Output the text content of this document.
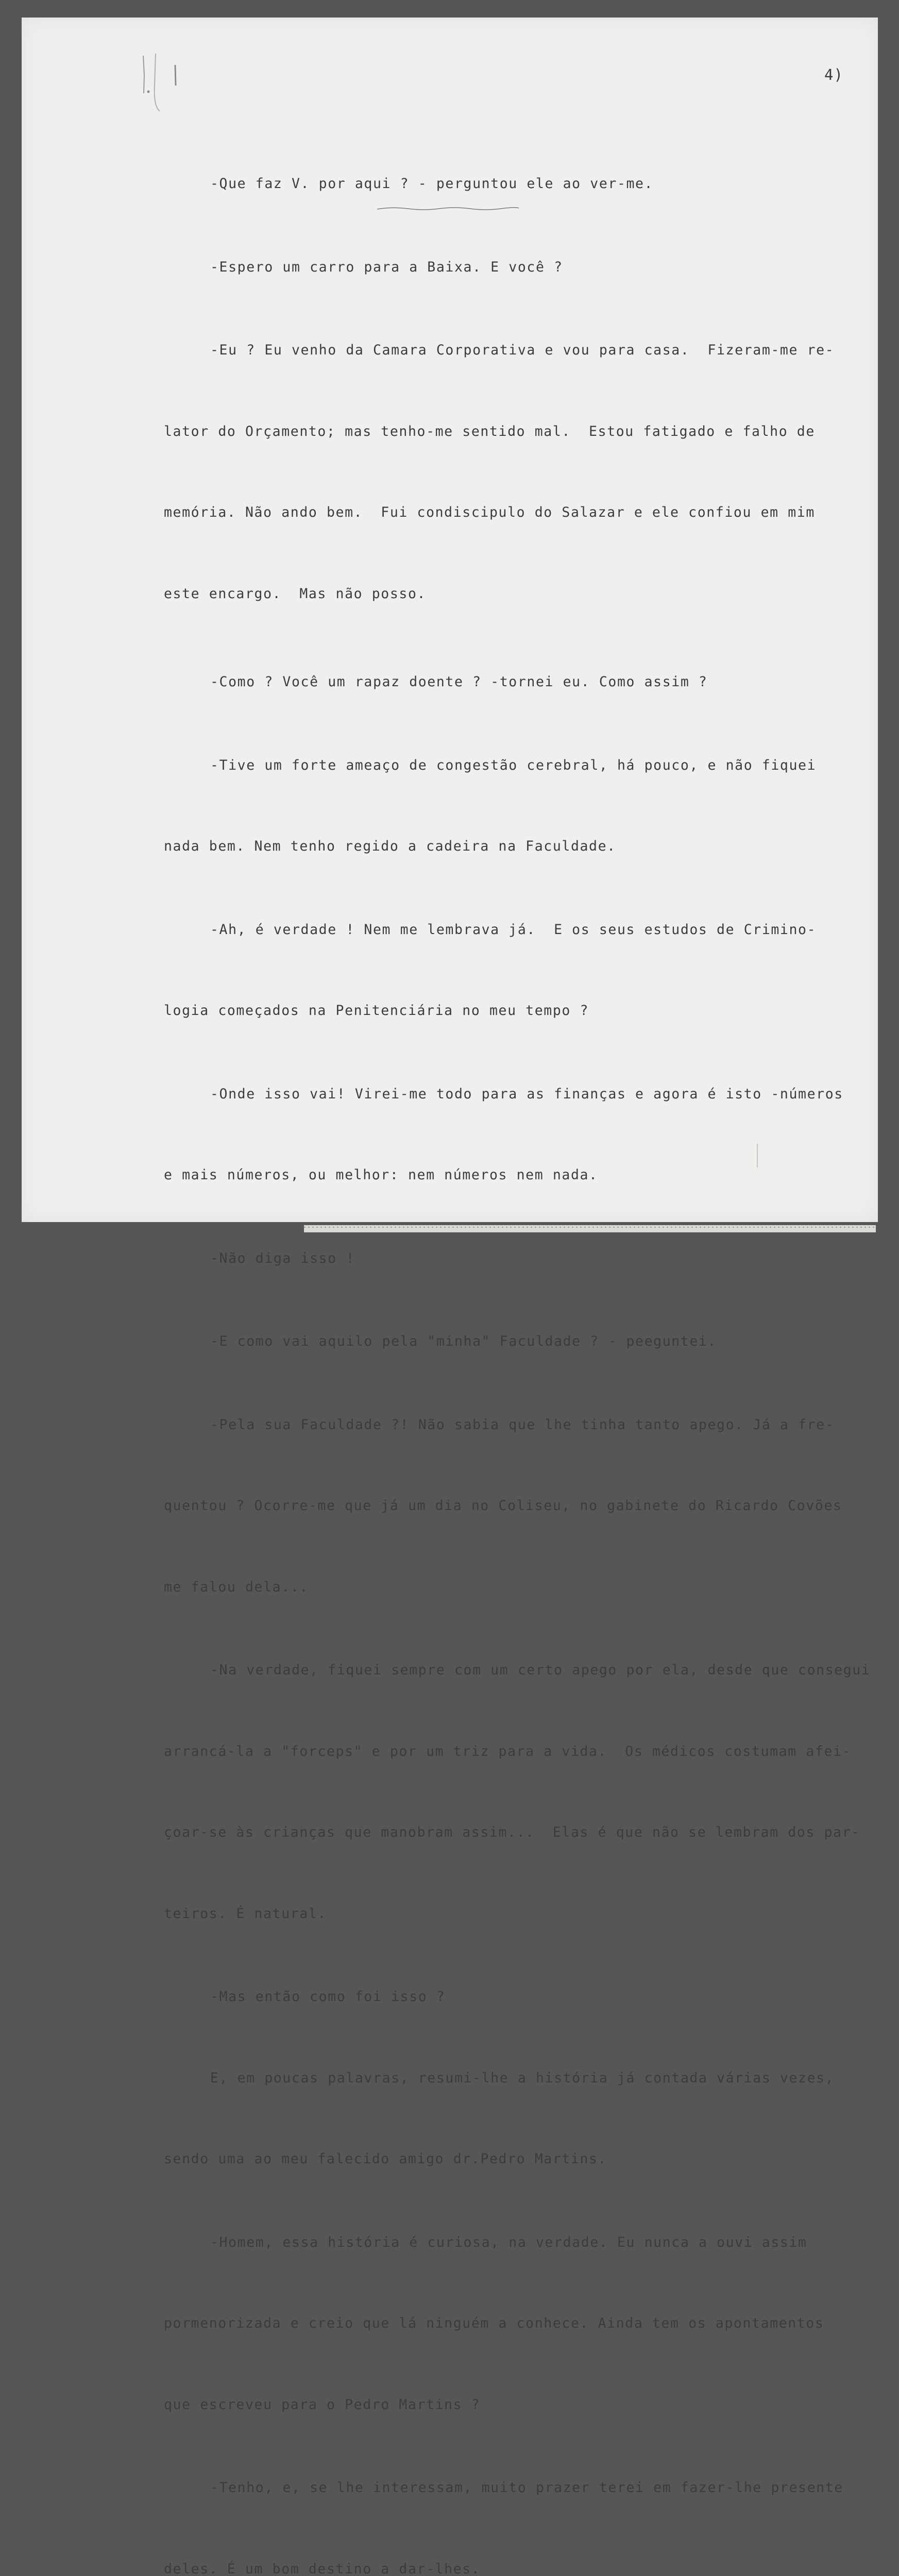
4)

-Que faz V. por aqui ? - perguntou ele ao ver-me.

-Espero um carro para a Baixa. E você ?

-Eu ? Eu venho da Camara Corporativa e vou para casa.  Fizeram-me re-

lator do Orçamento; mas tenho-me sentido mal.  Estou fatigado e falho de

memória. Não ando bem.  Fui condiscipulo do Salazar e ele confiou em mim

este encargo.  Mas não posso.

-Como ? Você um rapaz doente ? -tornei eu. Como assim ?

-Tive um forte ameaço de congestão cerebral, há pouco, e não fiquei

nada bem. Nem tenho regido a cadeira na Faculdade.

-Ah, é verdade ! Nem me lembrava já.  E os seus estudos de Crimino-

logia começados na Penitenciária no meu tempo ?

-Onde isso vai! Virei-me todo para as finanças e agora é isto -números

e mais números, ou melhor: nem números nem nada.

-Não diga isso !

-E como vai aquilo pela "minha" Faculdade ? - peeguntei.

-Pela sua Faculdade ?! Não sabia que lhe tinha tanto apego. Já a fre-

quentou ? Ocorre-me que já um dia no Coliseu, no gabinete do Ricardo Covões

me falou dela...

-Na verdade, fiquei sempre com um certo apego por ela, desde que consegui

arrancá-la a "forceps" e por um triz para a vida.  Os médicos costumam afei-

çoar-se às crianças que manobram assim...  Elas é que não se lembram dos par-

teiros. É natural.

-Mas então como foi isso ?

E, em poucas palavras, resumi-lhe a história já contada várias vezes,

sendo uma ao meu falecido amigo dr.Pedro Martins.

-Homem, essa história é curiosa, na verdade. Eu nunca a ouvi assim

pormenorizada e creio que lá ninguém a conhece. Ainda tem os apontamentos

que escreveu para o Pedro Martins ?

-Tenho, e, se lhe interessam, muito prazer terei em fazer-lhe presente

deles. É um bom destino a dar-lhes.
